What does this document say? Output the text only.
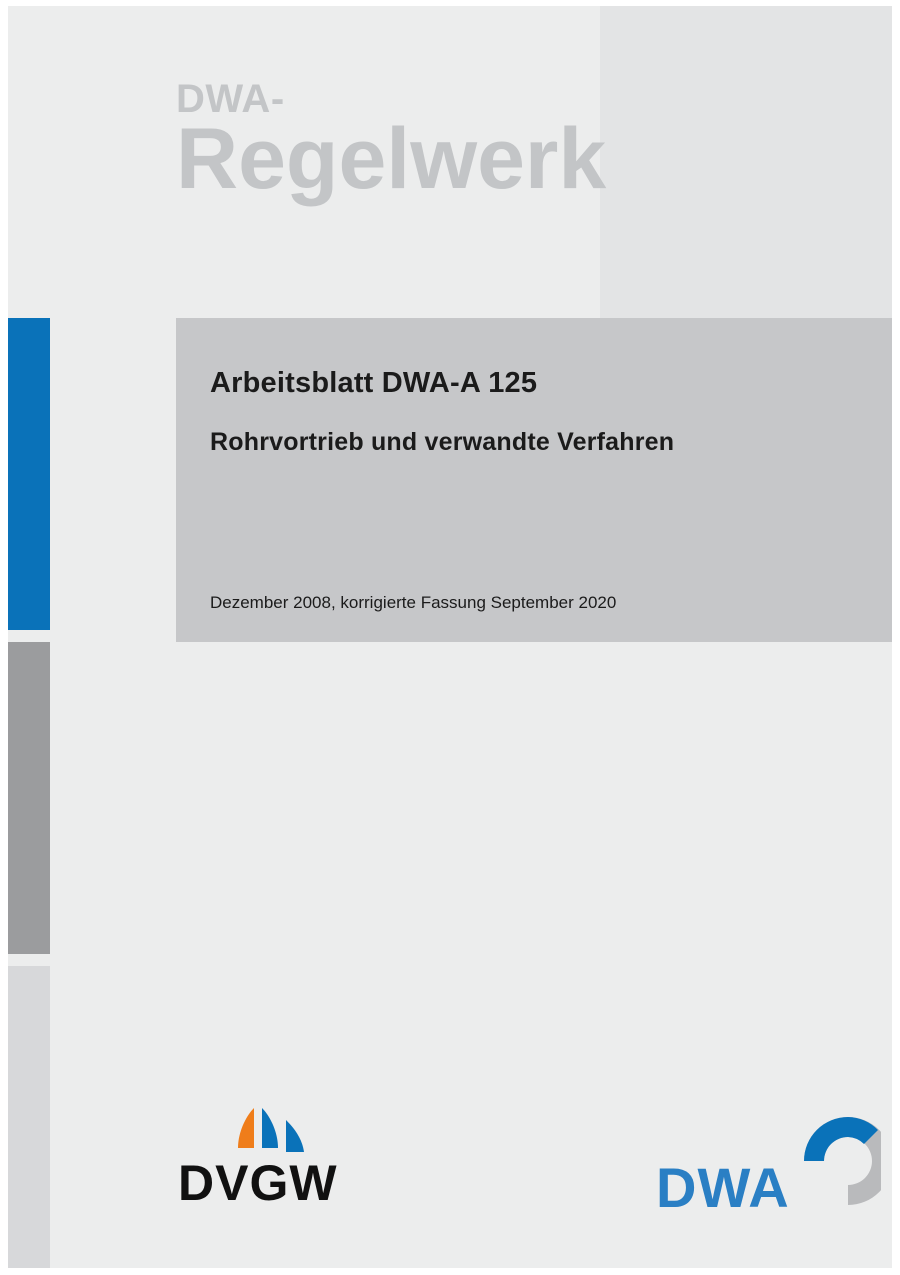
DWA-
Regelwerk
Arbeitsblatt DWA-A 125
Rohrvortrieb und verwandte Verfahren
Dezember 2008, korrigierte Fassung September 2020
DVGW	DWA
